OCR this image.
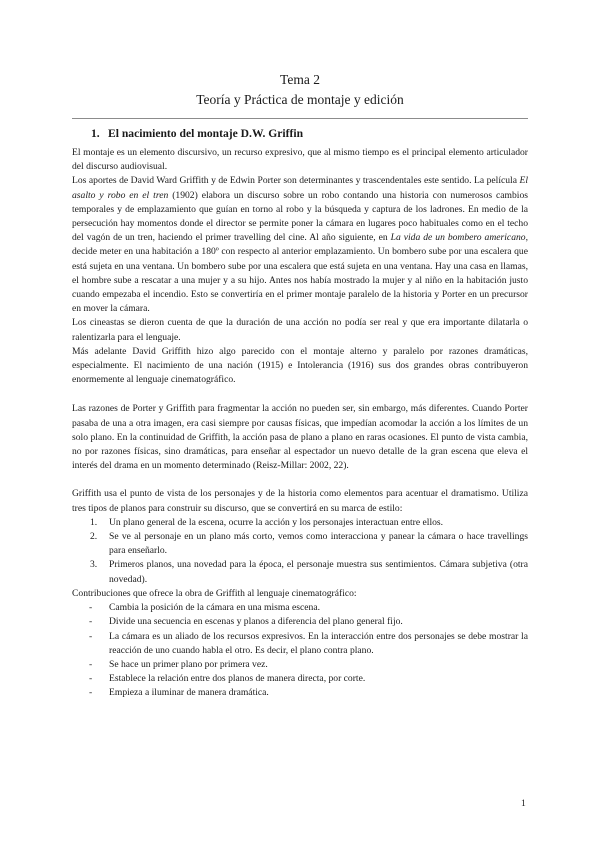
Tema 2
Teoría y Práctica de montaje y edición
1. El nacimiento del montaje D.W. Griffin

El montaje es un elemento discursivo, un recurso expresivo, que al mismo tiempo es el principal elemento articulador del discurso audiovisual.

Los aportes de David Ward Griffith y de Edwin Porter son determinantes y trascendentales este sentido. La película El asalto y robo en el tren (1902) elabora un discurso sobre un robo contando una historia con numerosos cambios temporales y de emplazamiento que guían en torno al robo y la búsqueda y captura de los ladrones. En medio de la persecución hay momentos donde el director se permite poner la cámara en lugares poco habituales como en el techo del vagón de un tren, haciendo el primer travelling del cine. Al año siguiente, en La vida de un bombero americano, decide meter en una habitación a 180º con respecto al anterior emplazamiento. Un bombero sube por una escalera que está sujeta en una ventana. Un bombero sube por una escalera que está sujeta en una ventana. Hay una casa en llamas, el hombre sube a rescatar a una mujer y a su hijo. Antes nos había mostrado la mujer y al niño en la habitación justo cuando empezaba el incendio. Esto se convertiría en el primer montaje paralelo de la historia y Porter en un precursor en mover la cámara.

Los cineastas se dieron cuenta de que la duración de una acción no podía ser real y que era importante dilatarla o ralentizarla para el lenguaje.

Más adelante David Griffith hizo algo parecido con el montaje alterno y paralelo por razones dramáticas, especialmente. El nacimiento de una nación (1915) e Intolerancia (1916) sus dos grandes obras contribuyeron enormemente al lenguaje cinematográfico.

Las razones de Porter y Griffith para fragmentar la acción no pueden ser, sin embargo, más diferentes. Cuando Porter pasaba de una a otra imagen, era casi siempre por causas físicas, que impedían acomodar la acción a los límites de un solo plano. En la continuidad de Griffith, la acción pasa de plano a plano en raras ocasiones. El punto de vista cambia, no por razones físicas, sino dramáticas, para enseñar al espectador un nuevo detalle de la gran escena que eleva el interés del drama en un momento determinado (Reisz-Millar: 2002, 22).

Griffith usa el punto de vista de los personajes y de la historia como elementos para acentuar el dramatismo. Utiliza tres tipos de planos para construir su discurso, que se convertirá en su marca de estilo:

1. Un plano general de la escena, ocurre la acción y los personajes interactuan entre ellos.
2. Se ve al personaje en un plano más corto, vemos como interacciona y panear la cámara o hace travellings para enseñarlo.
3. Primeros planos, una novedad para la época, el personaje muestra sus sentimientos. Cámara subjetiva (otra novedad).

Contribuciones que ofrece la obra de Griffith al lenguaje cinematográfico:

- Cambia la posición de la cámara en una misma escena.
- Divide una secuencia en escenas y planos a diferencia del plano general fijo.
- La cámara es un aliado de los recursos expresivos. En la interacción entre dos personajes se debe mostrar la reacción de uno cuando habla el otro. Es decir, el plano contra plano.
- Se hace un primer plano por primera vez.
- Establece la relación entre dos planos de manera directa, por corte.
- Empieza a iluminar de manera dramática.
1
